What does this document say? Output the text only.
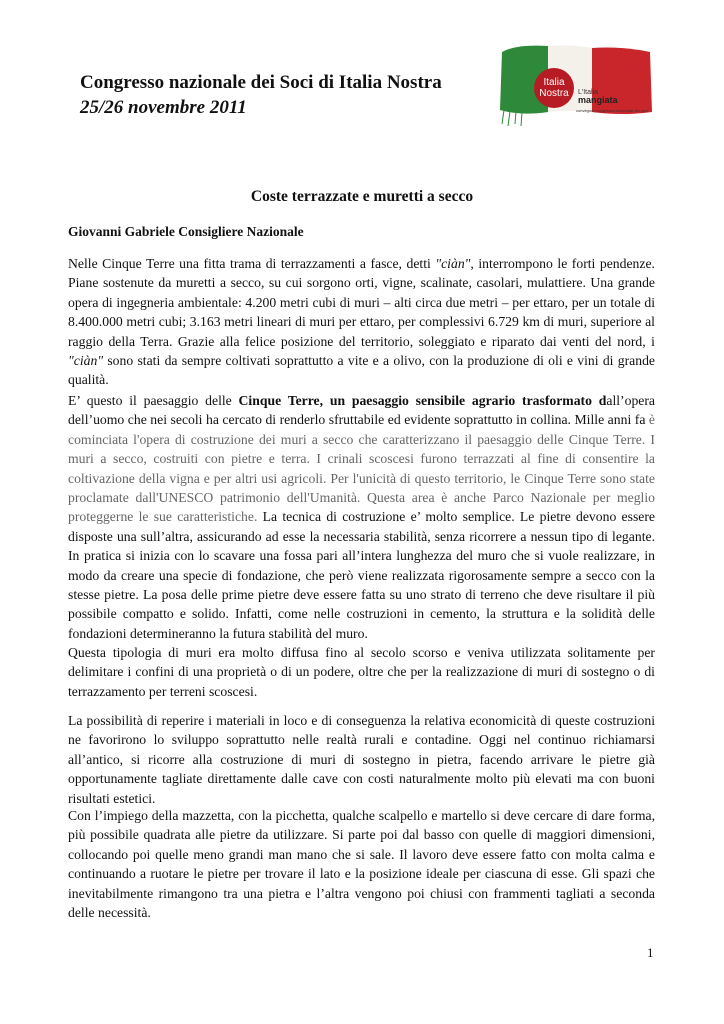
Congresso nazionale dei Soci di Italia Nostra
25/26 novembre 2011
Italia
Nostra L'Italia
mangiata
convegno | congresso nazionale dei soci
Coste terrazzate e muretti a secco
Giovanni Gabriele Consigliere Nazionale

Nelle Cinque Terre una fitta trama di terrazzamenti a fasce, detti "ciàn", interrompono le forti pendenze. Piane sostenute da muretti a secco, su cui sorgono orti, vigne, scalinate, casolari, mulattiere. Una grande opera di ingegneria ambientale: 4.200 metri cubi di muri – alti circa due metri – per ettaro, per un totale di 8.400.000 metri cubi; 3.163 metri lineari di muri per ettaro, per complessivi 6.729 km di muri, superiore al raggio della Terra. Grazie alla felice posizione del territorio, soleggiato e riparato dai venti del nord, i "ciàn" sono stati da sempre coltivati soprattutto a vite e a olivo, con la produzione di oli e vini di grande qualità.

E’ questo il paesaggio delle Cinque Terre, un paesaggio sensibile agrario trasformato dall’opera dell’uomo che nei secoli ha cercato di renderlo sfruttabile ed evidente soprattutto in collina. Mille anni fa è cominciata l'opera di costruzione dei muri a secco che caratterizzano il paesaggio delle Cinque Terre. I muri a secco, costruiti con pietre e terra. I crinali scoscesi furono terrazzati al fine di consentire la coltivazione della vigna e per altri usi agricoli. Per l'unicità di questo territorio, le Cinque Terre sono state proclamate dall'UNESCO patrimonio dell'Umanità. Questa area è anche Parco Nazionale per meglio proteggerne le sue caratteristiche. La tecnica di costruzione e’ molto semplice. Le pietre devono essere disposte una sull’altra, assicurando ad esse la necessaria stabilità, senza ricorrere a nessun tipo di legante. In pratica si inizia con lo scavare una fossa pari all’intera lunghezza del muro che si vuole realizzare, in modo da creare una specie di fondazione, che però viene realizzata rigorosamente sempre a secco con la stesse pietre. La posa delle prime pietre deve essere fatta su uno strato di terreno che deve risultare il più possibile compatto e solido. Infatti, come nelle costruzioni in cemento, la struttura e la solidità delle fondazioni determineranno la futura stabilità del muro.

Questa tipologia di muri era molto diffusa fino al secolo scorso e veniva utilizzata solitamente per delimitare i confini di una proprietà o di un podere, oltre che per la realizzazione di muri di sostegno o di terrazzamento per terreni scoscesi.

La possibilità di reperire i materiali in loco e di conseguenza la relativa economicità di queste costruzioni ne favorirono lo sviluppo soprattutto nelle realtà rurali e contadine. Oggi nel continuo richiamarsi all’antico, si ricorre alla costruzione di muri di sostegno in pietra, facendo arrivare le pietre già opportunamente tagliate direttamente dalle cave con costi naturalmente molto più elevati ma con buoni risultati estetici.

Con l’impiego della mazzetta, con la picchetta, qualche scalpello e martello si deve cercare di dare forma, più possibile quadrata alle pietre da utilizzare. Si parte poi dal basso con quelle di maggiori dimensioni, collocando poi quelle meno grandi man mano che si sale. Il lavoro deve essere fatto con molta calma e continuando a ruotare le pietre per trovare il lato e la posizione ideale per ciascuna di esse. Gli spazi che inevitabilmente rimangono tra una pietra e l’altra vengono poi chiusi con frammenti tagliati a seconda delle necessità.

1
